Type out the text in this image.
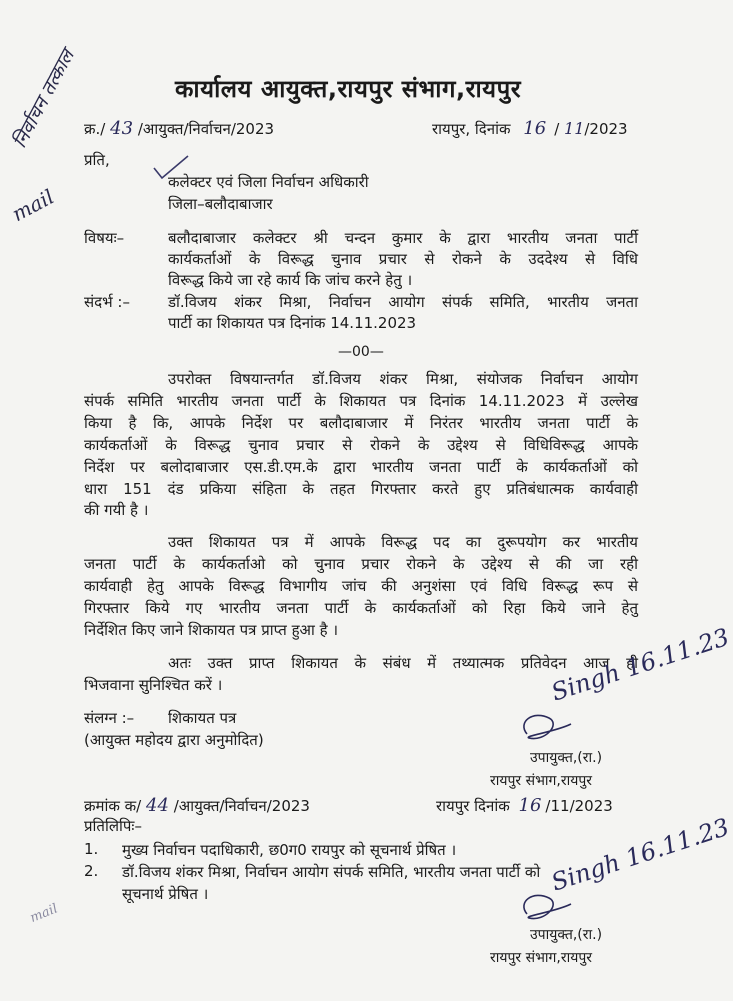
निर्वाचन तत्काल
mail
mail
कार्यालय आयुक्त,रायपुर संभाग,रायपुर
क्र./ 43 /आयुक्त/निर्वाचन/2023	रायपुर, दिनांक 16 / 11/2023
प्रति,
कलेक्टर एवं जिला निर्वाचन अधिकारी
जिला–बलौदाबाजार
विषयः–	बलौदाबाजार कलेक्टर श्री चन्दन कुमार के द्वारा भारतीय जनता पार्टी
कार्यकर्ताओं के विरूद्ध चुनाव प्रचार से रोकने के उददेश्य से विधि
विरूद्ध किये जा रहे कार्य कि जांच करने हेतु ।
संदर्भ :–	डॉ.विजय शंकर मिश्रा, निर्वाचन आयोग संपर्क समिति, भारतीय जनता
पार्टी का शिकायत पत्र दिनांक 14.11.2023
—00—
उपरोक्त विषयान्तर्गत डॉ.विजय शंकर मिश्रा, संयोजक निर्वाचन आयोग
संपर्क समिति भारतीय जनता पार्टी के शिकायत पत्र दिनांक 14.11.2023 में उल्लेख
किया है कि, आपके निर्देश पर बलौदाबाजार में निरंतर भारतीय जनता पार्टी के
कार्यकर्ताओं के विरूद्ध चुनाव प्रचार से रोकने के उद्देश्य से विधिविरूद्ध आपके
निर्देश पर बलोदाबाजार एस.डी.एम.के द्वारा भारतीय जनता पार्टी के कार्यकर्ताओं को
धारा 151 दंड प्रकिया संहिता के तहत गिरफ्तार करते हुए प्रतिबंधात्मक कार्यवाही
की गयी है ।
उक्त शिकायत पत्र में आपके विरूद्ध पद का दुरूपयोग कर भारतीय
जनता पार्टी के कार्यकर्ताओ को चुनाव प्रचार रोकने के उद्देश्य से की जा रही
कार्यवाही हेतु आपके विरूद्ध विभागीय जांच की अनुशंसा एवं विधि विरूद्ध रूप से
गिरफ्तार किये गए भारतीय जनता पार्टी के कार्यकर्ताओं को रिहा किये जाने हेतु
निर्देशित किए जाने शिकायत पत्र प्राप्त हुआ है ।
अतः उक्त प्राप्त शिकायत के संबंध में तथ्यात्मक प्रतिवेदन आज ही
भिजवाना सुनिश्चित करें ।
संलग्न :– शिकायत पत्र
(आयुक्त महोदय द्वारा अनुमोदित)
Singh 16.11.23
उपायुक्त,(रा.)
रायपुर संभाग,रायपुर
क्रमांक क/ 44 /आयुक्त/निर्वाचन/2023	रायपुर दिनांक 16 /11/2023
प्रतिलिपिः–
1. मुख्य निर्वाचन पदाधिकारी, छ0ग0 रायपुर को सूचनार्थ प्रेषित ।
2. डॉ.विजय शंकर मिश्रा, निर्वाचन आयोग संपर्क समिति, भारतीय जनता पार्टी को
सूचनार्थ प्रेषित ।	Singh 16.11.23
उपायुक्त,(रा.)
रायपुर संभाग,रायपुर
